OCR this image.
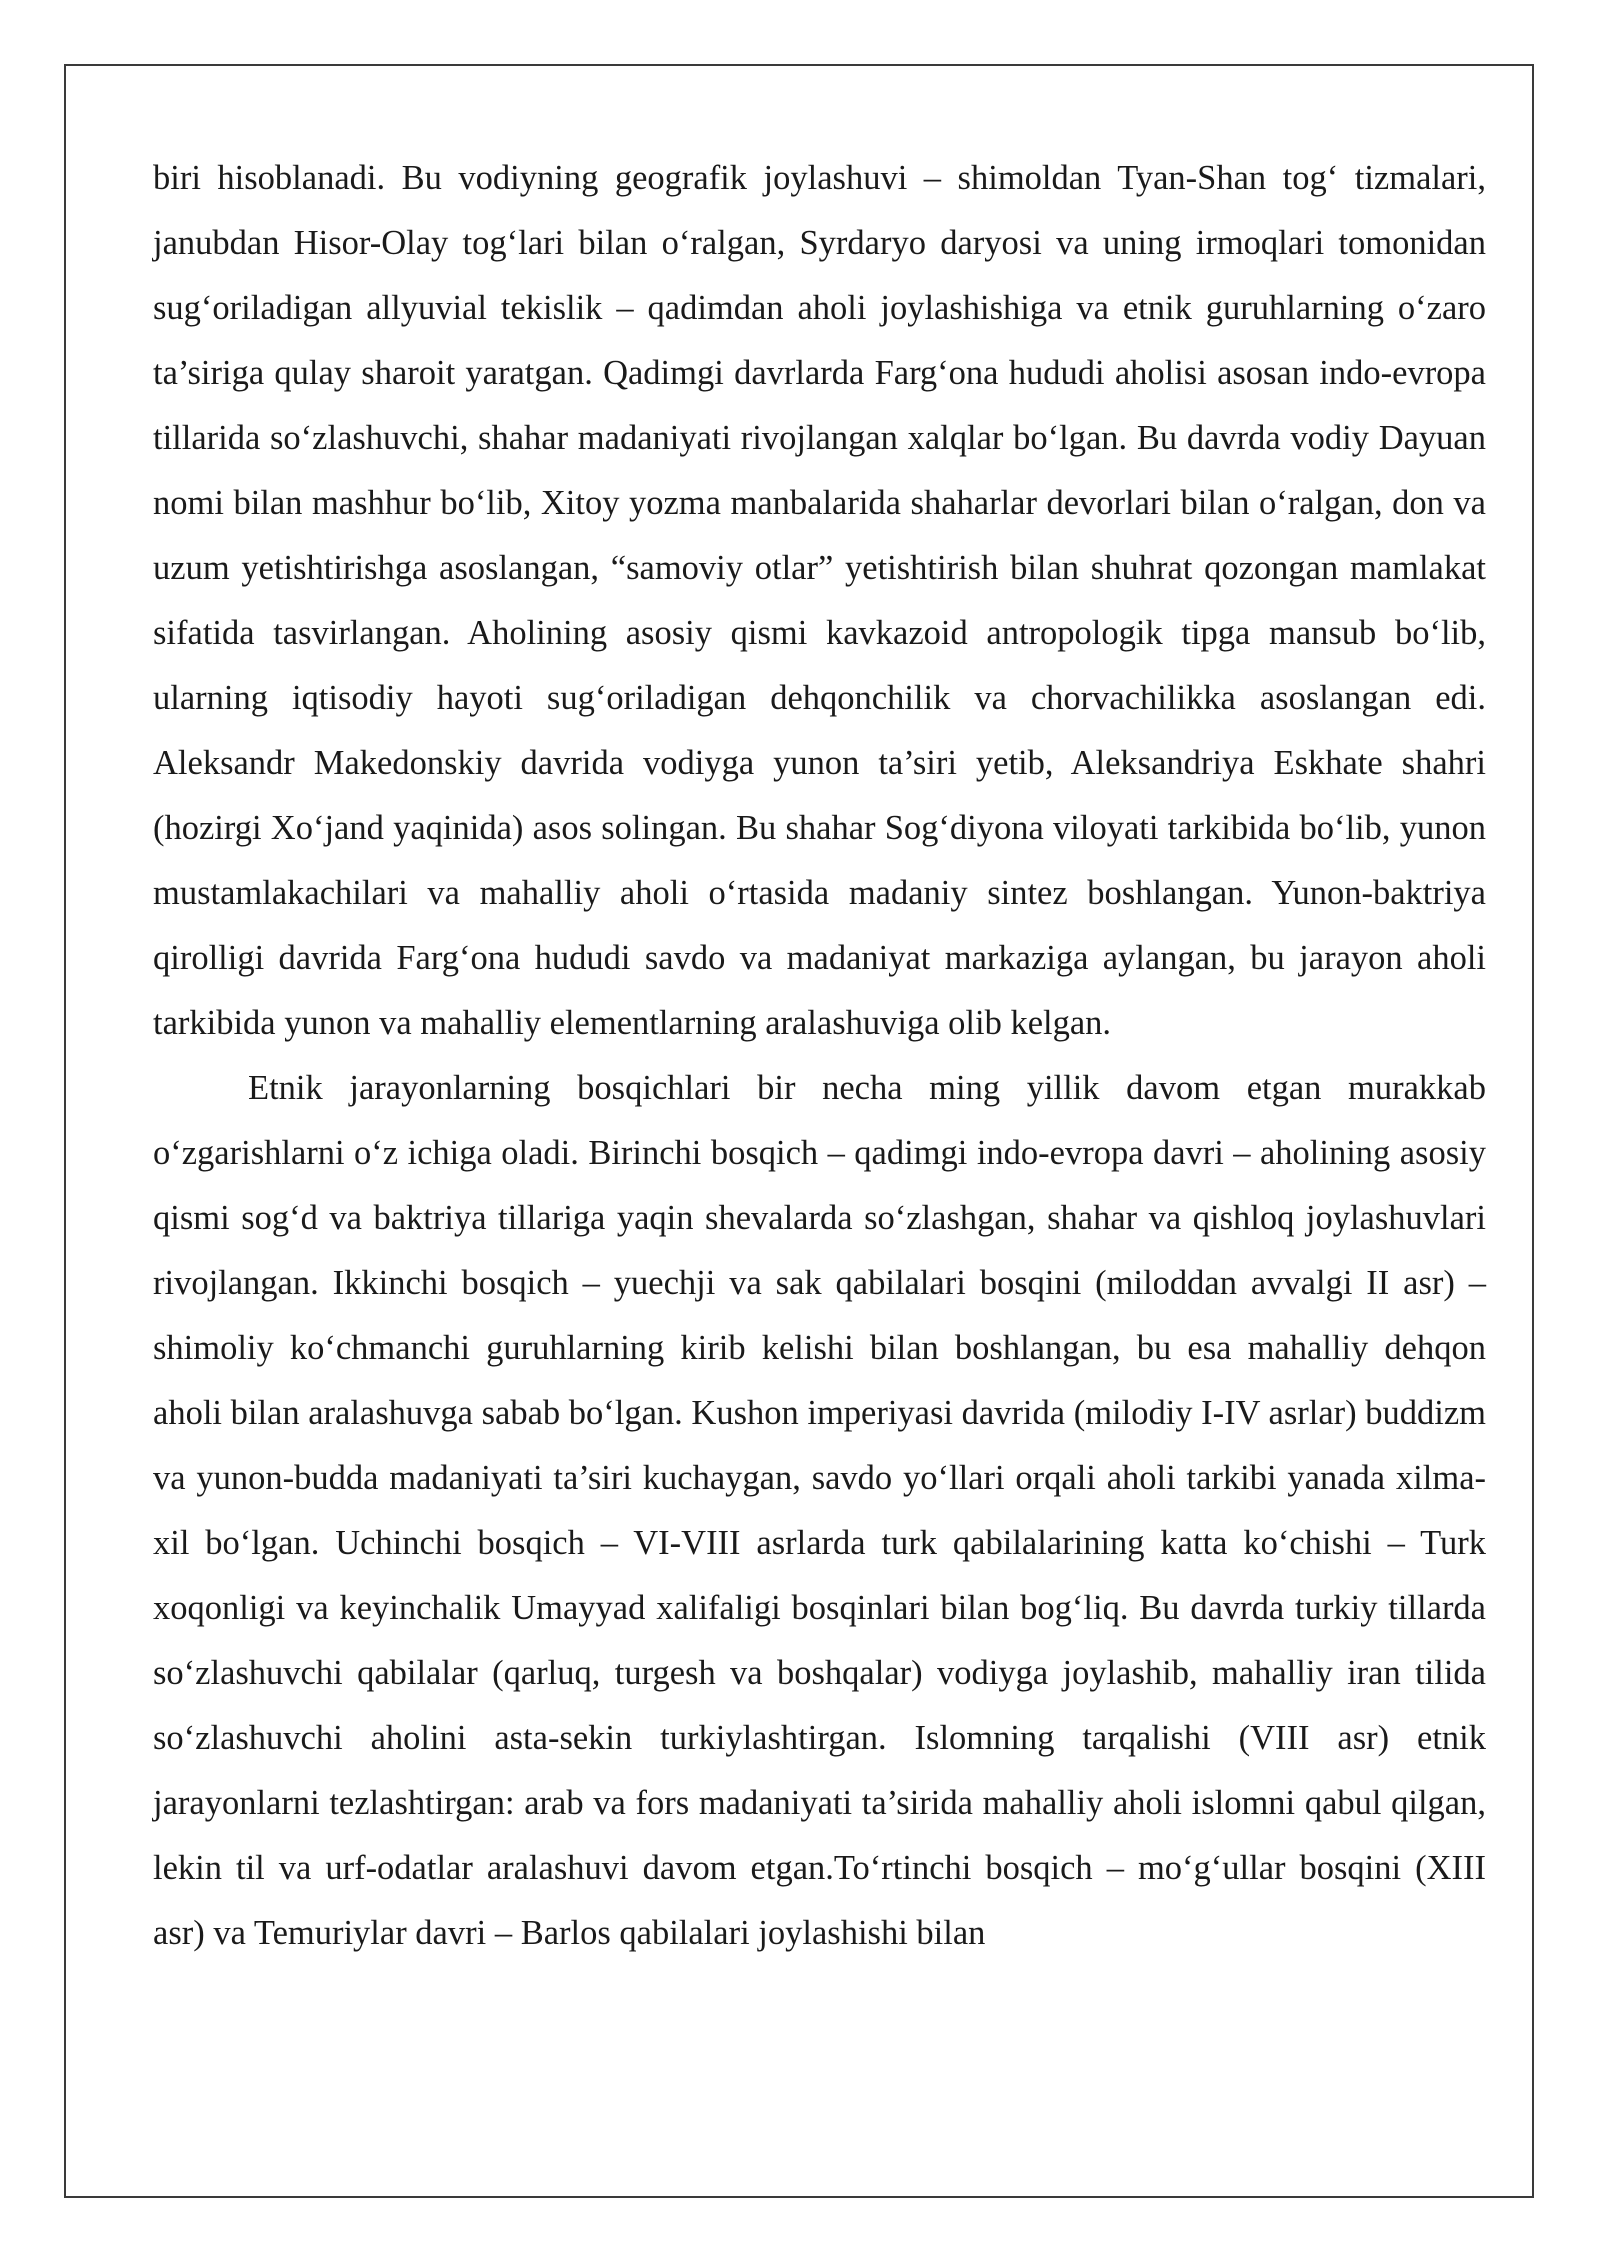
biri hisoblanadi. Bu vodiyning geografik joylashuvi – shimoldan Tyan-Shan tog‘ tizmalari, janubdan Hisor-Olay tog‘lari bilan o‘ralgan, Syrdaryo daryosi va uning irmoqlari tomonidan sug‘oriladigan allyuvial tekislik – qadimdan aholi joylashishiga va etnik guruhlarning o‘zaro ta’siriga qulay sharoit yaratgan. Qadimgi davrlarda Farg‘ona hududi aholisi asosan indo-evropa tillarida so‘zlashuvchi, shahar madaniyati rivojlangan xalqlar bo‘lgan. Bu davrda vodiy Dayuan nomi bilan mashhur bo‘lib, Xitoy yozma manbalarida shaharlar devorlari bilan o‘ralgan, don va uzum yetishtirishga asoslangan, “samoviy otlar” yetishtirish bilan shuhrat qozongan mamlakat sifatida tasvirlangan. Aholining asosiy qismi kavkazoid antropologik tipga mansub bo‘lib, ularning iqtisodiy hayoti sug‘oriladigan dehqonchilik va chorvachilikka asoslangan edi. Aleksandr Makedonskiy davrida vodiyga yunon ta’siri yetib, Aleksandriya Eskhate shahri (hozirgi Xo‘jand yaqinida) asos solingan. Bu shahar Sog‘diyona viloyati tarkibida bo‘lib, yunon mustamlakachilari va mahalliy aholi o‘rtasida madaniy sintez boshlangan. Yunon-baktriya qirolligi davrida Farg‘ona hududi savdo va madaniyat markaziga aylangan, bu jarayon aholi tarkibida yunon va mahalliy elementlarning aralashuviga olib kelgan.

Etnik jarayonlarning bosqichlari bir necha ming yillik davom etgan murakkab o‘zgarishlarni o‘z ichiga oladi. Birinchi bosqich – qadimgi indo-evropa davri – aholining asosiy qismi sog‘d va baktriya tillariga yaqin shevalarda so‘zlashgan, shahar va qishloq joylashuvlari rivojlangan. Ikkinchi bosqich – yuechji va sak qabilalari bosqini (miloddan avvalgi II asr) – shimoliy ko‘chmanchi guruhlarning kirib kelishi bilan boshlangan, bu esa mahalliy dehqon aholi bilan aralashuvga sabab bo‘lgan. Kushon imperiyasi davrida (milodiy I-IV asrlar) buddizm va yunon-budda madaniyati ta’siri kuchaygan, savdo yo‘llari orqali aholi tarkibi yanada xilma-xil bo‘lgan. Uchinchi bosqich – VI-VIII asrlarda turk qabilalarining katta ko‘chishi – Turk xoqonligi va keyinchalik Umayyad xalifaligi bosqinlari bilan bog‘liq. Bu davrda turkiy tillarda so‘zlashuvchi qabilalar (qarluq, turgesh va boshqalar) vodiyga joylashib, mahalliy iran tilida so‘zlashuvchi aholini asta-sekin turkiylashtirgan. Islomning tarqalishi (VIII asr) etnik jarayonlarni tezlashtirgan: arab va fors madaniyati ta’sirida mahalliy aholi islomni qabul qilgan, lekin til va urf-odatlar aralashuvi davom etgan.To‘rtinchi bosqich – mo‘g‘ullar bosqini (XIII asr) va Temuriylar davri – Barlos qabilalari joylashishi bilan
